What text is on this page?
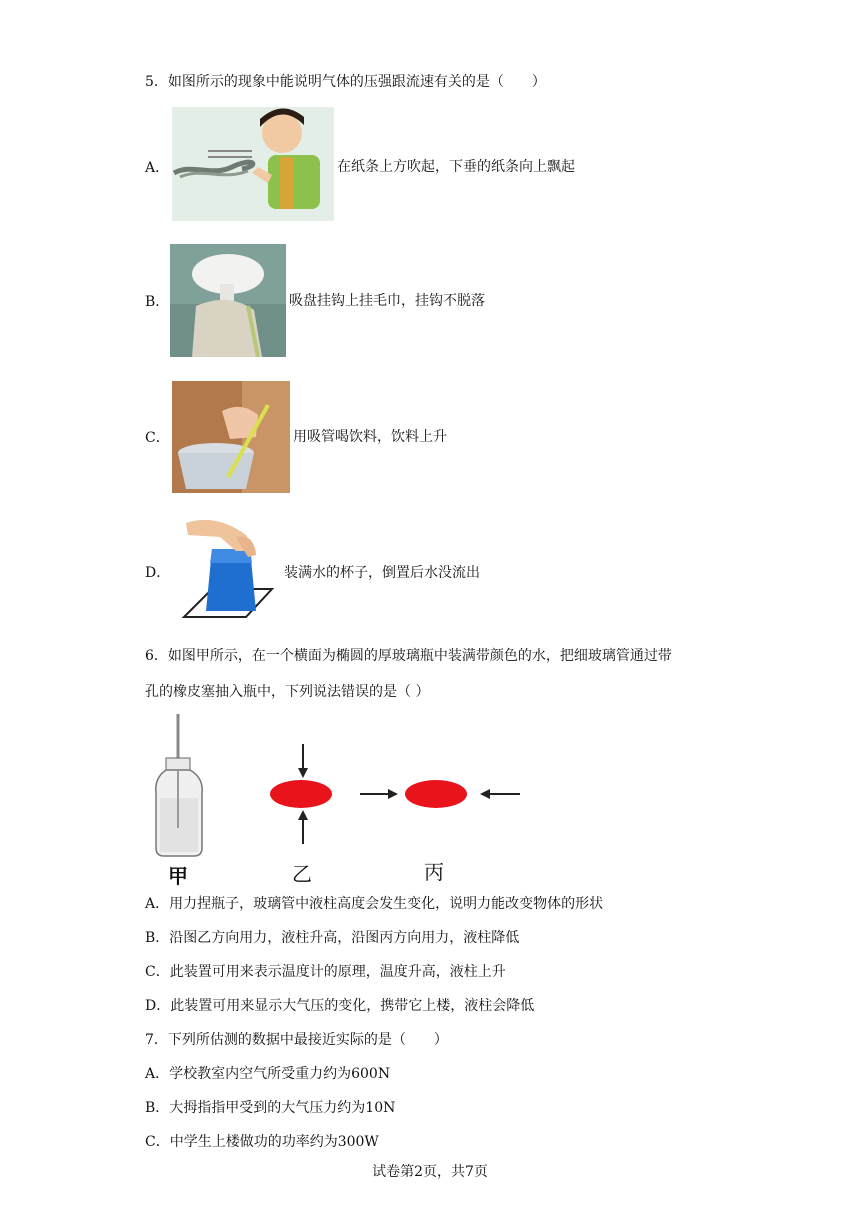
5．如图所示的现象中能说明气体的压强跟流速有关的是（　　）
A．	在纸条上方吹起，下垂的纸条向上飘起
B．	吸盘挂钩上挂毛巾，挂钩不脱落
C．	用吸管喝饮料，饮料上升
D．	装满水的杯子，倒置后水没流出
6．如图甲所示，在一个横面为椭圆的厚玻璃瓶中装满带颜色的水，把细玻璃管通过带
孔的橡皮塞抽入瓶中，下列说法错误的是（ ）
甲	乙	丙
A．用力捏瓶子，玻璃管中液柱高度会发生变化，说明力能改变物体的形状
B．沿图乙方向用力，液柱升高，沿图丙方向用力，液柱降低
C．此装置可用来表示温度计的原理，温度升高，液柱上升
D．此装置可用来显示大气压的变化，携带它上楼，液柱会降低
7．下列所估测的数据中最接近实际的是（　　）
A．学校教室内空气所受重力约为600N
B．大拇指指甲受到的大气压力约为10N
C．中学生上楼做功的功率约为300W
试卷第2页，共7页
